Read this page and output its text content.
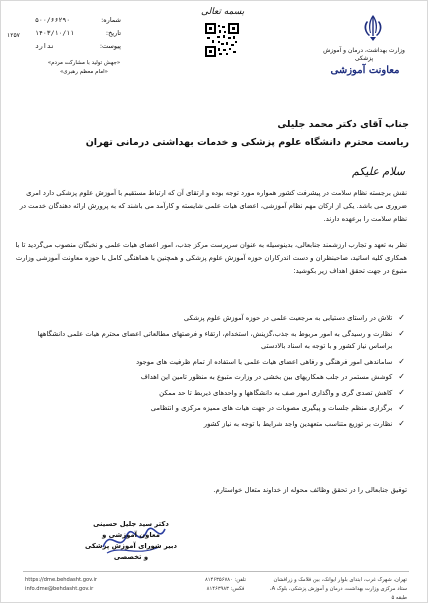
بسمه تعالی
وزارت بهداشت، درمان و آموزش پزشکی
معاونت آموزشی
شماره:
۵۰۰/۶۶۲۹۰
تاریخ:
۱۴۰۳/۱۰/۱۱
پیوست:
ندارد
۱۲۵۷
«جهش تولید با مشارکت مردم»
«امام معظم رهبری»
جناب آقای دکتر محمد جلیلی
ریاست محترم دانشگاه علوم پزشکی و خدمات بهداشتی درمانی تهران
سلام علیکم
نقش برجسته نظام سلامت در پیشرفت کشور همواره مورد توجه بوده و ارتقای آن که ارتباط مستقیم با آموزش علوم پزشکی دارد امری ضروری می باشد. یکی از ارکان مهم نظام آموزشی، اعضای هیات علمی شایسته و کارآمد می باشند که به پرورش ارائه دهندگان خدمت در نظام سلامت را برعهده دارند.
نظر به تعهد و تجارب ارزشمند جنابعالی، بدینوسیله به عنوان سرپرست مرکز جذب، امور اعضای هیات علمی و نخبگان منصوب می‌گردید تا با همکاری کلیه اساتید، صاحبنظران و دست اندرکاران حوزه آموزش علوم پزشکی و همچنین با هماهنگی کامل با حوزه معاونت آموزشی وزارت متبوع در جهت تحقق اهداف زیر بکوشید:
✓
تلاش در راستای دستیابی به مرجعیت علمی در حوزه آموزش علوم پزشکی
✓
نظارت و رسیدگی به امور مربوط به جذب،گزینش، استخدام، ارتقاء و فرصتهای مطالعاتی اعضای محترم هیات علمی دانشگاهها براساس نیاز کشور و با توجه به اسناد بالادستی
✓
ساماندهی امور فرهنگی و رفاهی اعضای هیات علمی با استفاده از تمام ظرفیت های موجود
✓
کوشش مستمر در جلب همکاریهای بین بخشی در وزارت متبوع به منظور تامین این اهداف
✓
کاهش تصدی گری و واگذاری امور صف به دانشگاهها و واحدهای ذیربط تا حد ممکن
✓
برگزاری منظم جلسات و پیگیری مصوبات در جهت هیات های ممیزه مرکزی و انتظامی
✓
نظارت بر توزیع متناسب متعهدین واجد شرایط با توجه به نیاز کشور
توفیق جنابعالی را در تحقق وظائف محوله از خداوند متعال خواستارم.
دکتر سید جلیل حسینی
معاون آموزشی و
دبیر شورای آموزش پزشکی و تخصصی
https://dme.behdasht.gov.ir
info.dme@behdasht.gov.ir
تلفن: ۸۱۴۶۳۵۶۷۸۰
فکس: ۸۱۴۶۳۹۸۳
تهران، شهرک غرب، ابتدای بلوار ایوانک، بین فلامک و زرافشان
ستاد مرکزی وزارت بهداشت، درمان و آموزش پزشکی، بلوک A، طبقه ۵
